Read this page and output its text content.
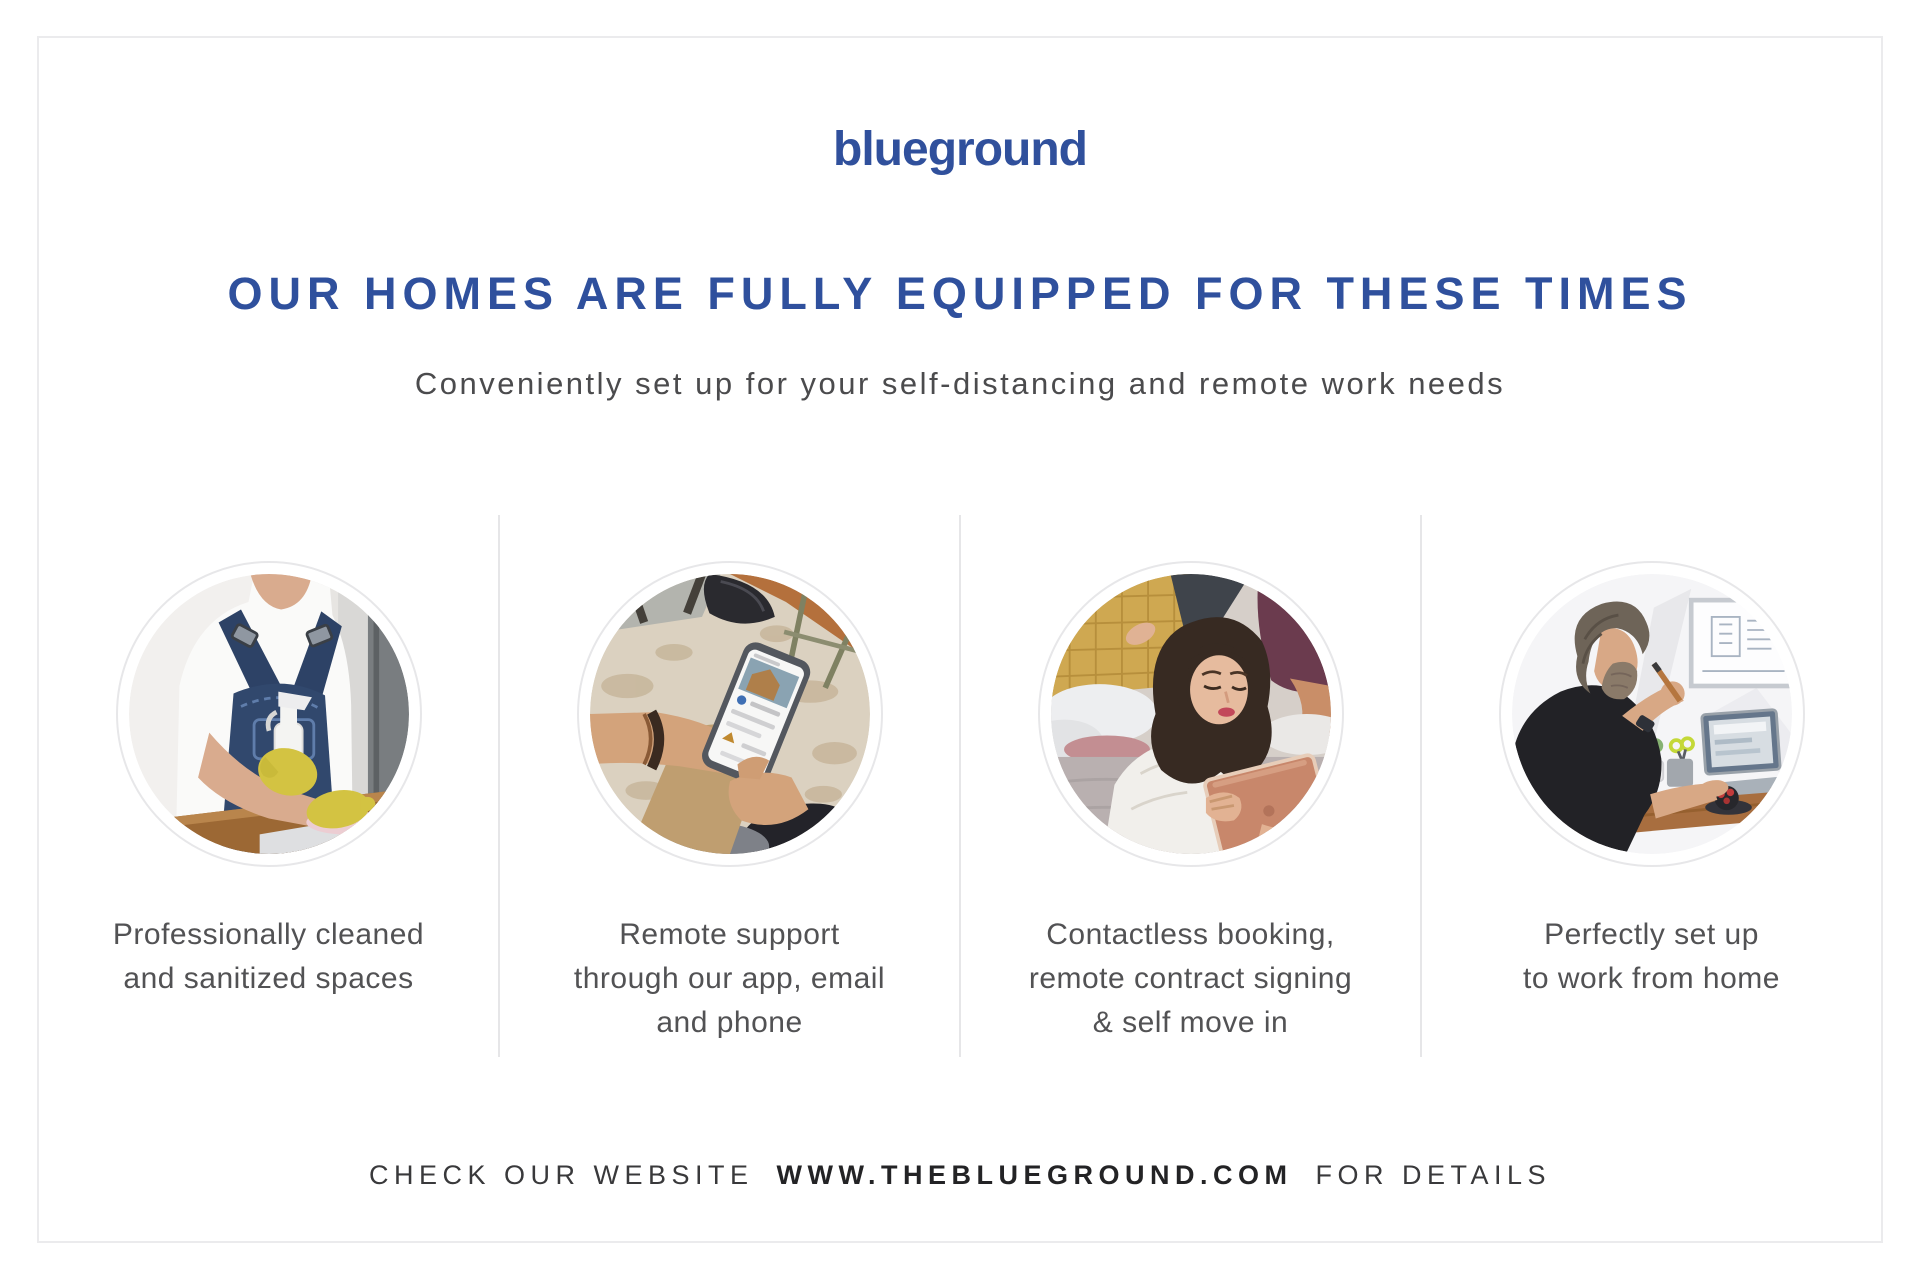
blueground
OUR HOMES ARE FULLY EQUIPPED FOR THESE TIMES
Conveniently set up for your self-distancing and remote work needs
Professionally cleaned
and sanitized spaces
Remote support
through our app, email
and phone
Contactless booking,
remote contract signing
& self move in
Perfectly set up
to work from home
CHECK OUR WEBSITE WWW.THEBLUEGROUND.COM FOR DETAILS
